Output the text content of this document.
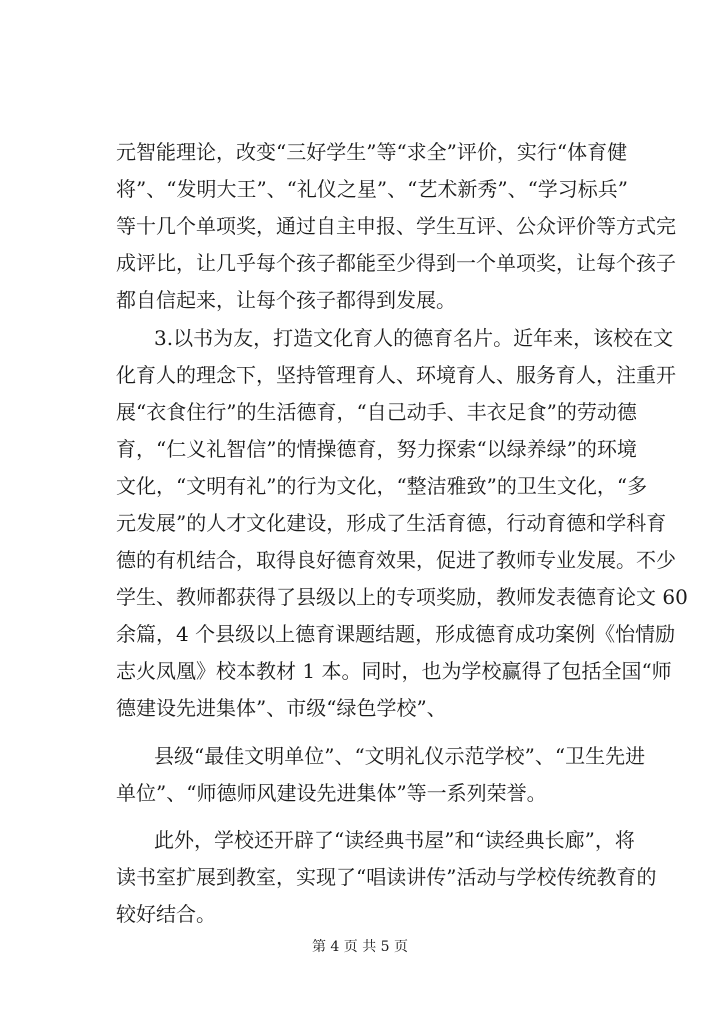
元智能理论，改变“三好学生”等“求全”评价，实行“体育健
将”、“发明大王”、“礼仪之星”、“艺术新秀”、“学习标兵”
等十几个单项奖，通过自主申报、学生互评、公众评价等方式完
成评比，让几乎每个孩子都能至少得到一个单项奖，让每个孩子
都自信起来，让每个孩子都得到发展。
3.以书为友，打造文化育人的德育名片。近年来，该校在文
化育人的理念下，坚持管理育人、环境育人、服务育人，注重开
展“衣食住行”的生活德育，“自己动手、丰衣足食”的劳动德
育，“仁义礼智信”的情操德育，努力探索“以绿养绿”的环境
文化，“文明有礼”的行为文化，“整洁雅致”的卫生文化，“多
元发展”的人才文化建设，形成了生活育德，行动育德和学科育
德的有机结合，取得良好德育效果，促进了教师专业发展。不少
学生、教师都获得了县级以上的专项奖励，教师发表德育论文 60
余篇，4 个县级以上德育课题结题，形成德育成功案例《怡情励
志火凤凰》校本教材 1 本。同时，也为学校赢得了包括全国“师
德建设先进集体”、市级“绿色学校”、
县级“最佳文明单位”、“文明礼仪示范学校”、“卫生先进
单位”、“师德师风建设先进集体”等一系列荣誉。
此外，学校还开辟了“读经典书屋”和“读经典长廊”，将
读书室扩展到教室，实现了“唱读讲传”活动与学校传统教育的
较好结合。
第 4 页 共 5 页
